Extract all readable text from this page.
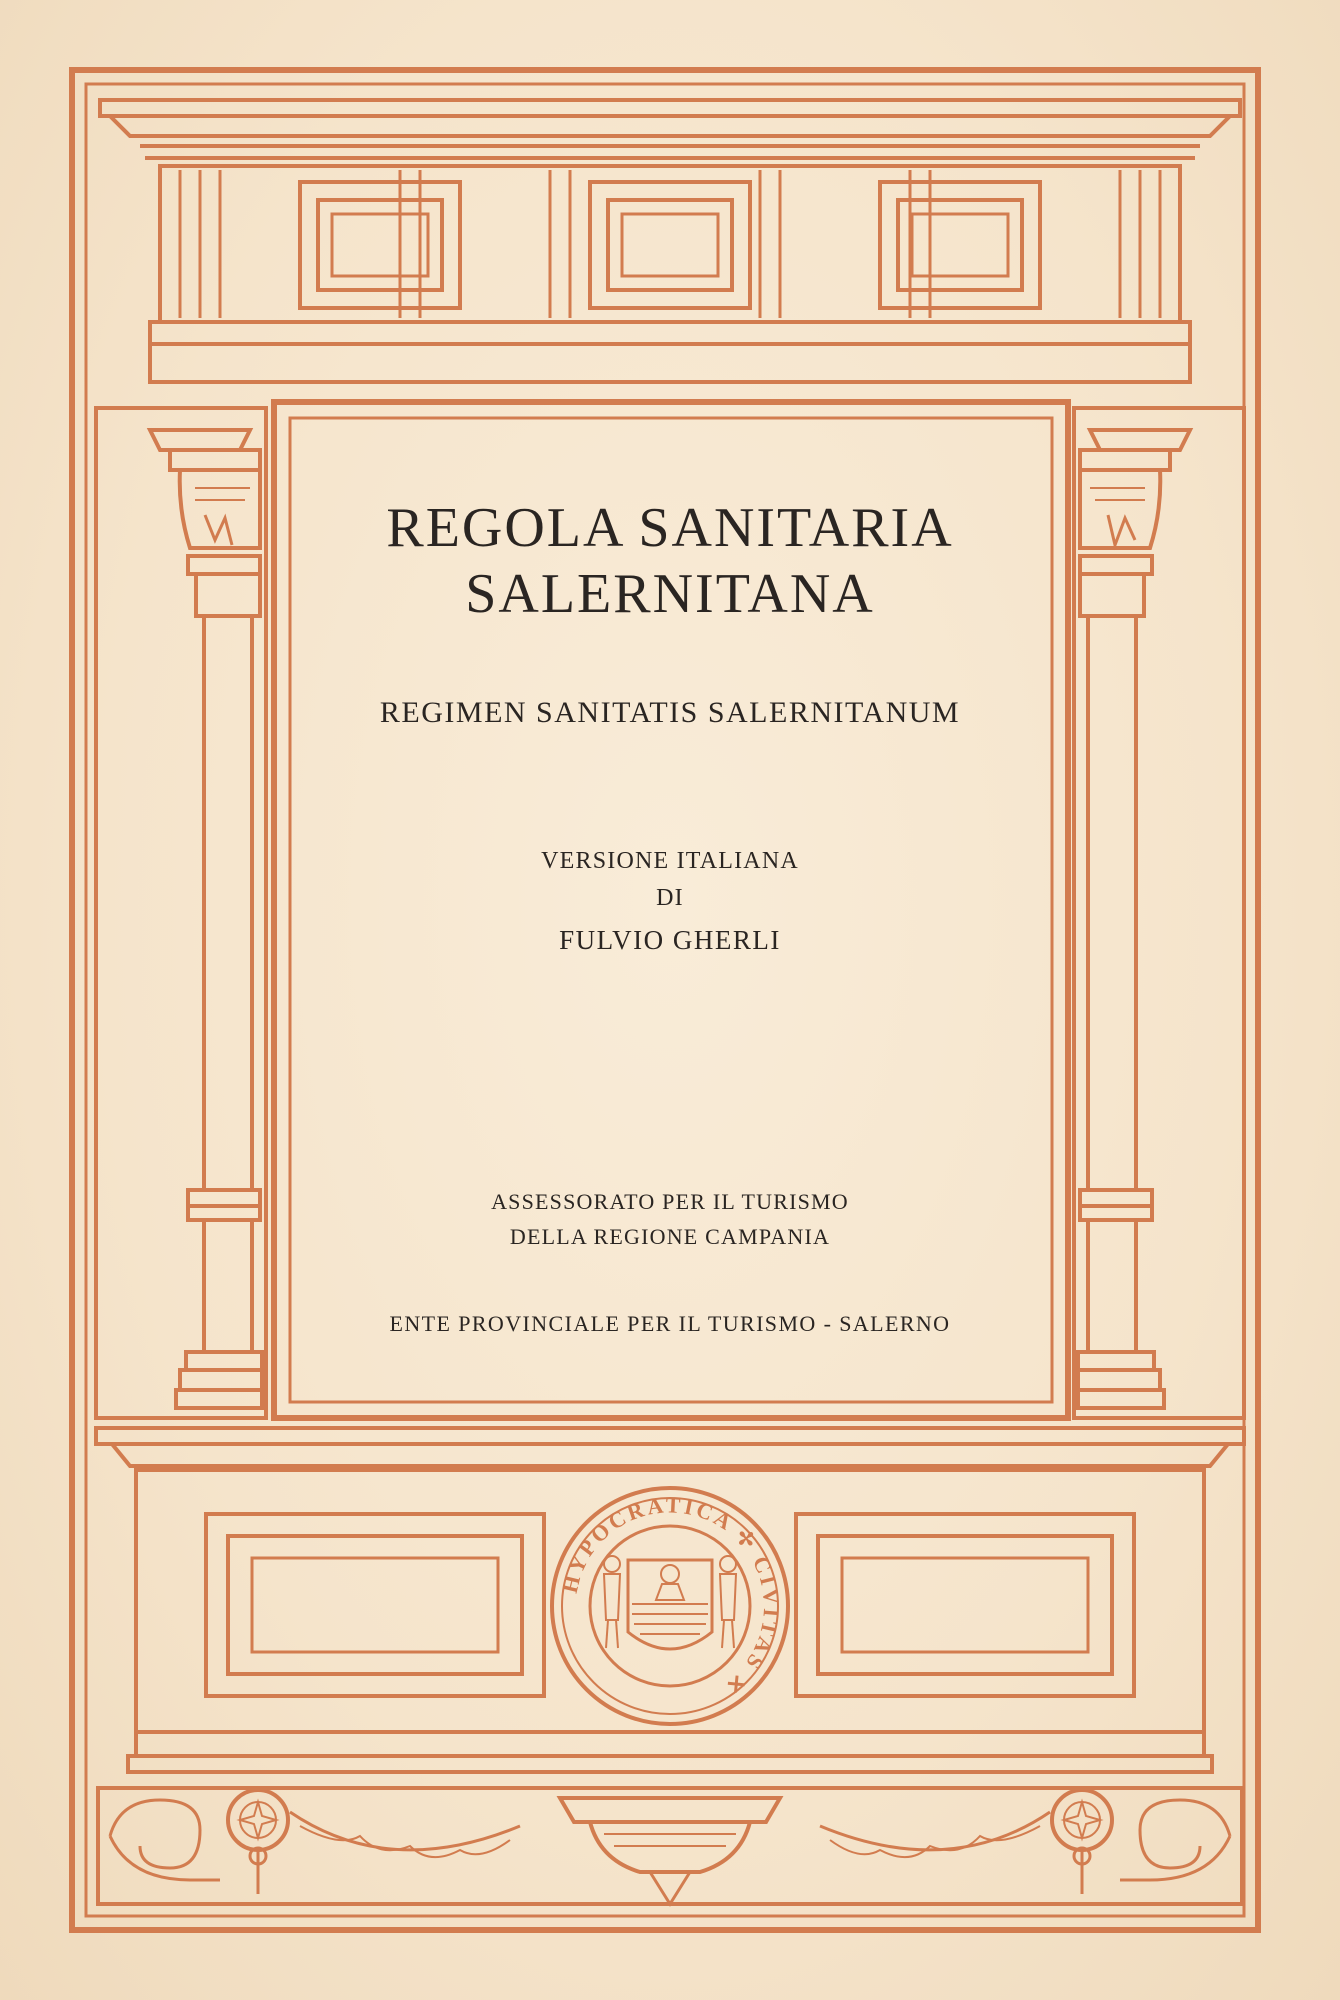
HYPOCRATICA ✢ CIVITAS ✕
REGOLA SANITARIA
SALERNITANA
REGIMEN SANITATIS SALERNITANUM
VERSIONE ITALIANA
DI
FULVIO GHERLI
ASSESSORATO PER IL TURISMO
DELLA REGIONE CAMPANIA
ENTE PROVINCIALE PER IL TURISMO - SALERNO
